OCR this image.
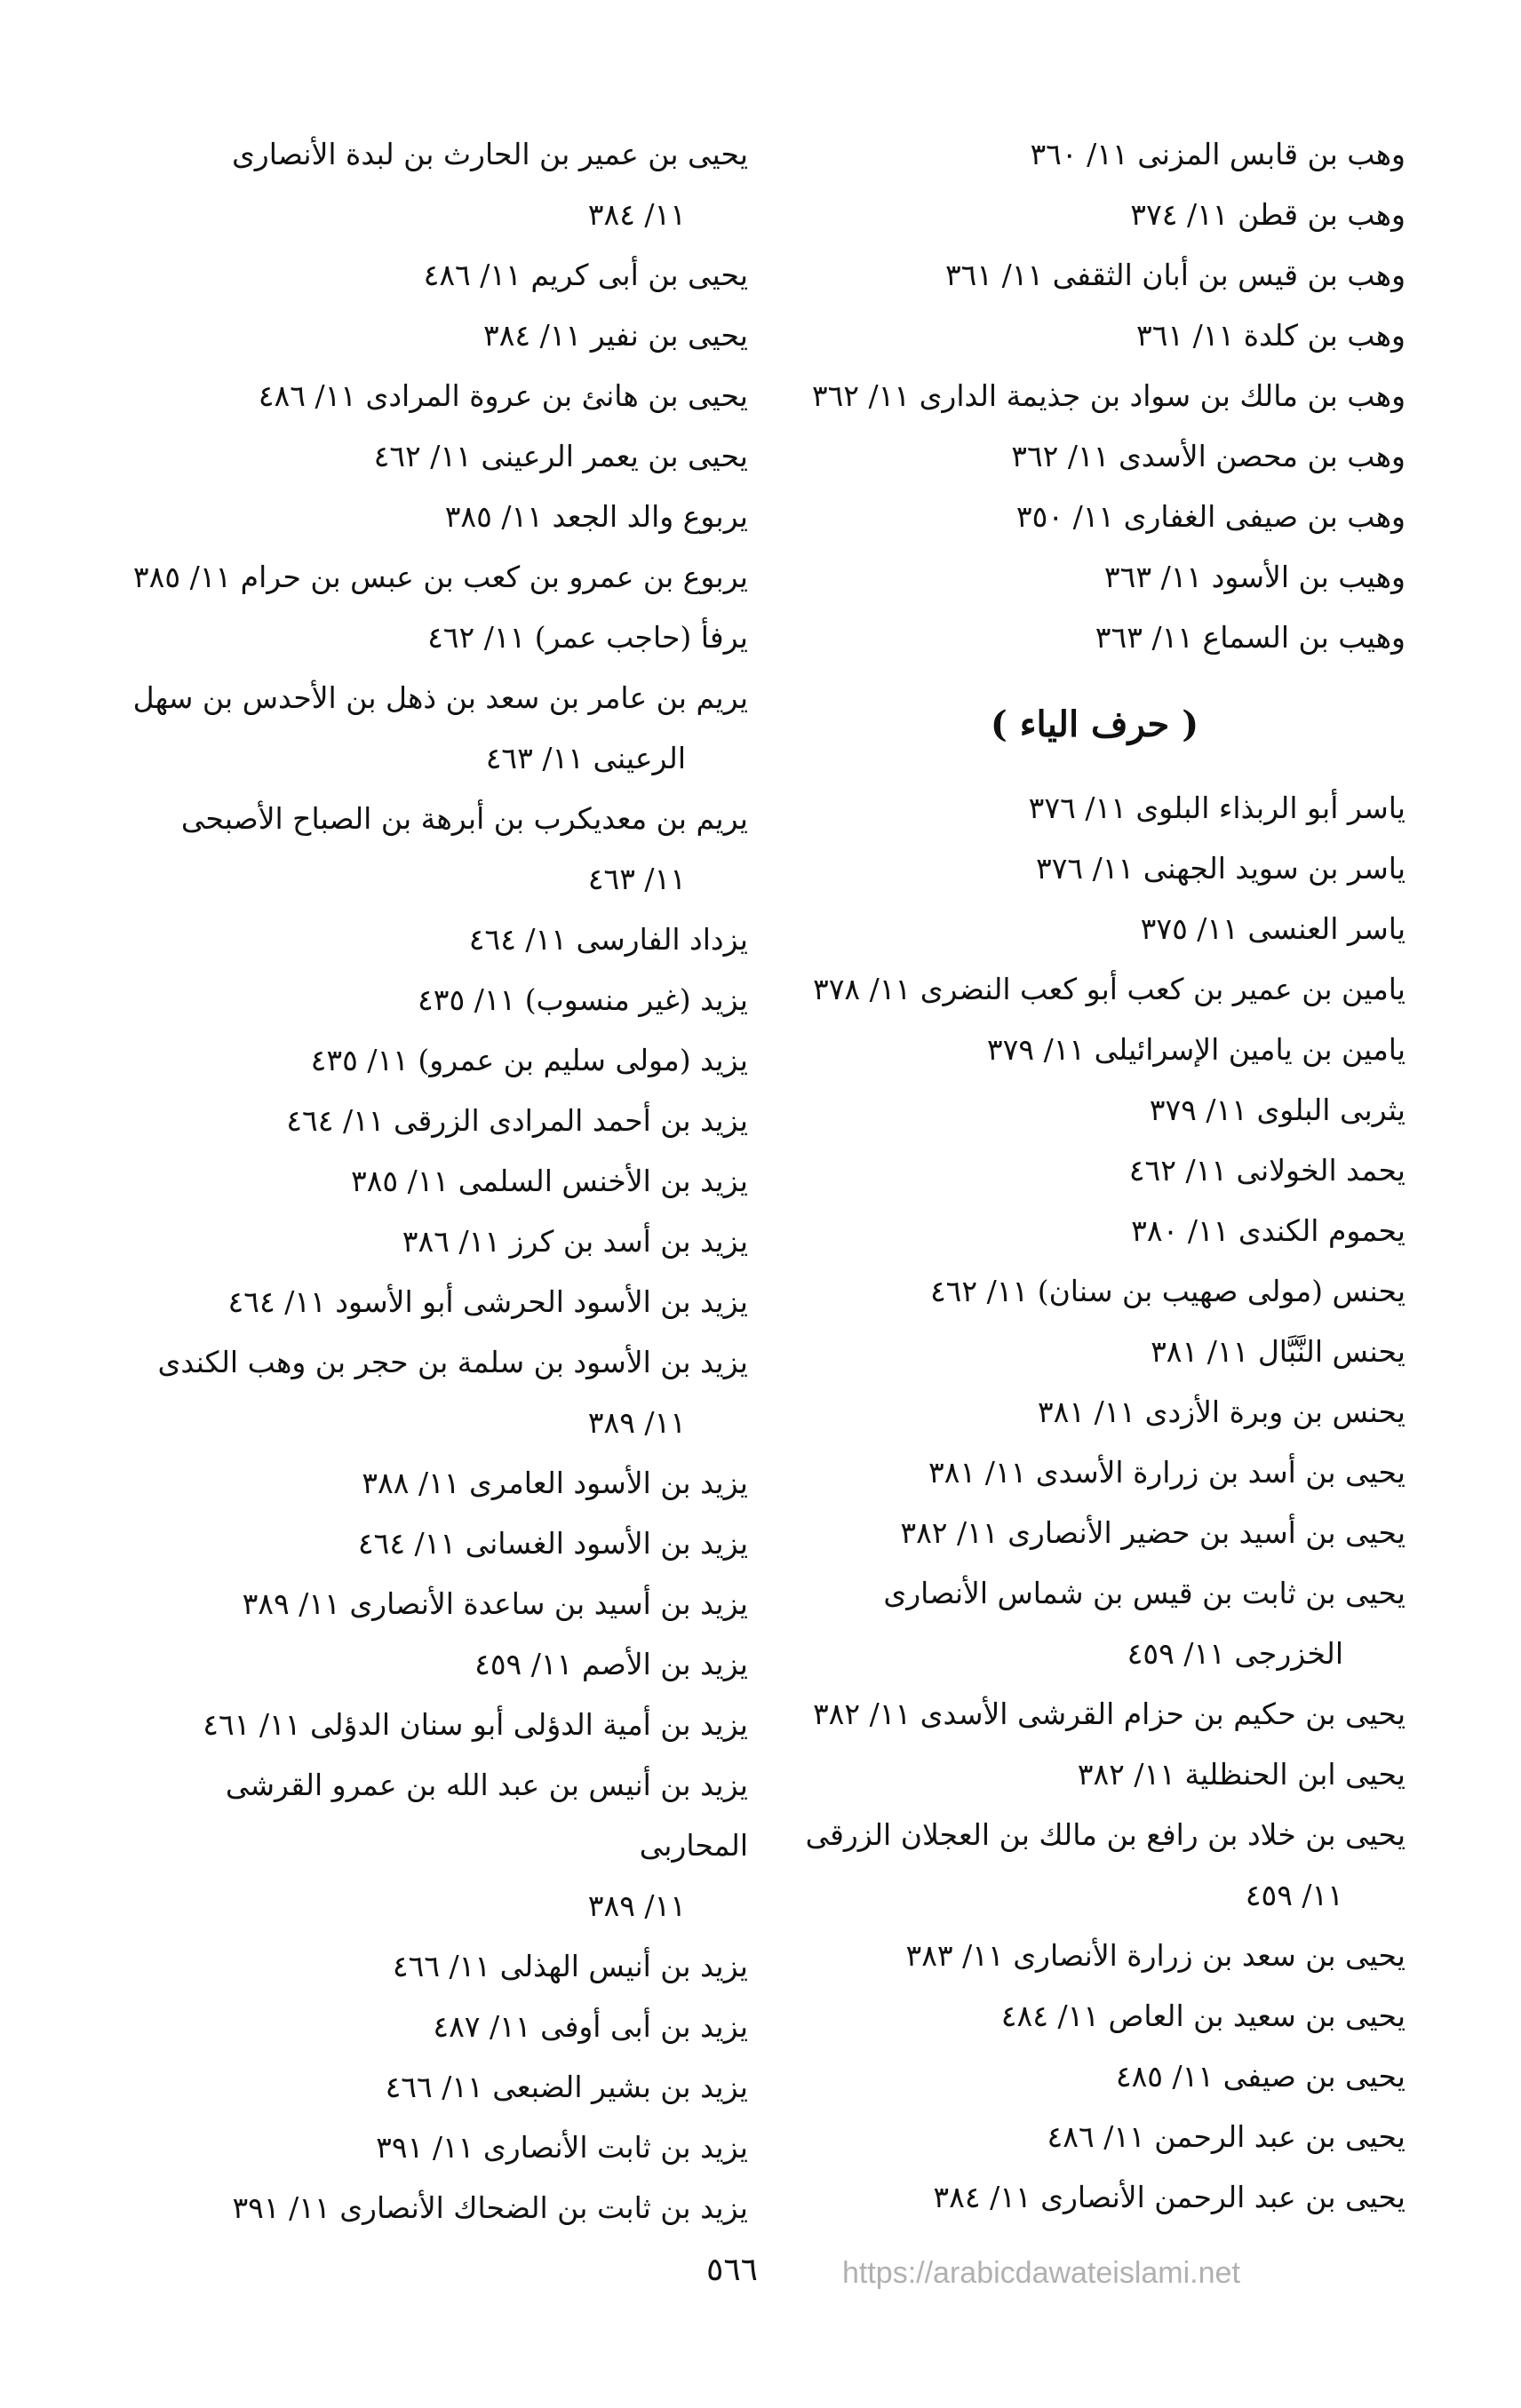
وهب بن قابس المزنى ١١/ ٣٦٠
وهب بن قطن ١١/ ٣٧٤
وهب بن قيس بن أبان الثقفى ١١/ ٣٦١
وهب بن كلدة ١١/ ٣٦١
وهب بن مالك بن سواد بن جذيمة الدارى ١١/ ٣٦٢
وهب بن محصن الأسدى ١١/ ٣٦٢
وهب بن صيفى الغفارى ١١/ ٣٥٠
وهيب بن الأسود ١١/ ٣٦٣
وهيب بن السماع ١١/ ٣٦٣
( حرف الياء )
ياسر أبو الربذاء البلوى ١١/ ٣٧٦
ياسر بن سويد الجهنى ١١/ ٣٧٦
ياسر العنسى ١١/ ٣٧٥
يامين بن عمير بن كعب أبو كعب النضرى ١١/ ٣٧٨
يامين بن يامين الإسرائيلى ١١/ ٣٧٩
يثربى البلوى ١١/ ٣٧٩
يحمد الخولانى ١١/ ٤٦٢
يحموم الكندى ١١/ ٣٨٠
يحنس (مولى صهيب بن سنان) ١١/ ٤٦٢
يحنس النَّبَّال ١١/ ٣٨١
يحنس بن وبرة الأزدى ١١/ ٣٨١
يحيى بن أسد بن زرارة الأسدى ١١/ ٣٨١
يحيى بن أسيد بن حضير الأنصارى ١١/ ٣٨٢
يحيى بن ثابت بن قيس بن شماس الأنصارى
الخزرجى ١١/ ٤٥٩
يحيى بن حكيم بن حزام القرشى الأسدى ١١/ ٣٨٢
يحيى ابن الحنظلية ١١/ ٣٨٢
يحيى بن خلاد بن رافع بن مالك بن العجلان الزرقى
١١/ ٤٥٩
يحيى بن سعد بن زرارة الأنصارى ١١/ ٣٨٣
يحيى بن سعيد بن العاص ١١/ ٤٨٤
يحيى بن صيفى ١١/ ٤٨٥
يحيى بن عبد الرحمن ١١/ ٤٨٦
يحيى بن عبد الرحمن الأنصارى ١١/ ٣٨٤
يحيى بن عمير بن الحارث بن لبدة الأنصارى
١١/ ٣٨٤
يحيى بن أبى كريم ١١/ ٤٨٦
يحيى بن نفير ١١/ ٣٨٤
يحيى بن هانئ بن عروة المرادى ١١/ ٤٨٦
يحيى بن يعمر الرعينى ١١/ ٤٦٢
يربوع والد الجعد ١١/ ٣٨٥
يربوع بن عمرو بن كعب بن عبس بن حرام ١١/ ٣٨٥
يرفأ (حاجب عمر) ١١/ ٤٦٢
يريم بن عامر بن سعد بن ذهل بن الأحدس بن سهل
الرعينى ١١/ ٤٦٣
يريم بن معديكرب بن أبرهة بن الصباح الأصبحى
١١/ ٤٦٣
يزداد الفارسى ١١/ ٤٦٤
يزيد (غير منسوب) ١١/ ٤٣٥
يزيد (مولى سليم بن عمرو) ١١/ ٤٣٥
يزيد بن أحمد المرادى الزرقى ١١/ ٤٦٤
يزيد بن الأخنس السلمى ١١/ ٣٨٥
يزيد بن أسد بن كرز ١١/ ٣٨٦
يزيد بن الأسود الحرشى أبو الأسود ١١/ ٤٦٤
يزيد بن الأسود بن سلمة بن حجر بن وهب الكندى
١١/ ٣٨٩
يزيد بن الأسود العامرى ١١/ ٣٨٨
يزيد بن الأسود الغسانى ١١/ ٤٦٤
يزيد بن أسيد بن ساعدة الأنصارى ١١/ ٣٨٩
يزيد بن الأصم ١١/ ٤٥٩
يزيد بن أمية الدؤلى أبو سنان الدؤلى ١١/ ٤٦١
يزيد بن أنيس بن عبد الله بن عمرو القرشى المحاربى
١١/ ٣٨٩
يزيد بن أنيس الهذلى ١١/ ٤٦٦
يزيد بن أبى أوفى ١١/ ٤٨٧
يزيد بن بشير الضبعى ١١/ ٤٦٦
يزيد بن ثابت الأنصارى ١١/ ٣٩١
يزيد بن ثابت بن الضحاك الأنصارى ١١/ ٣٩١
٥٦٦	https://arabicdawateislami.net
